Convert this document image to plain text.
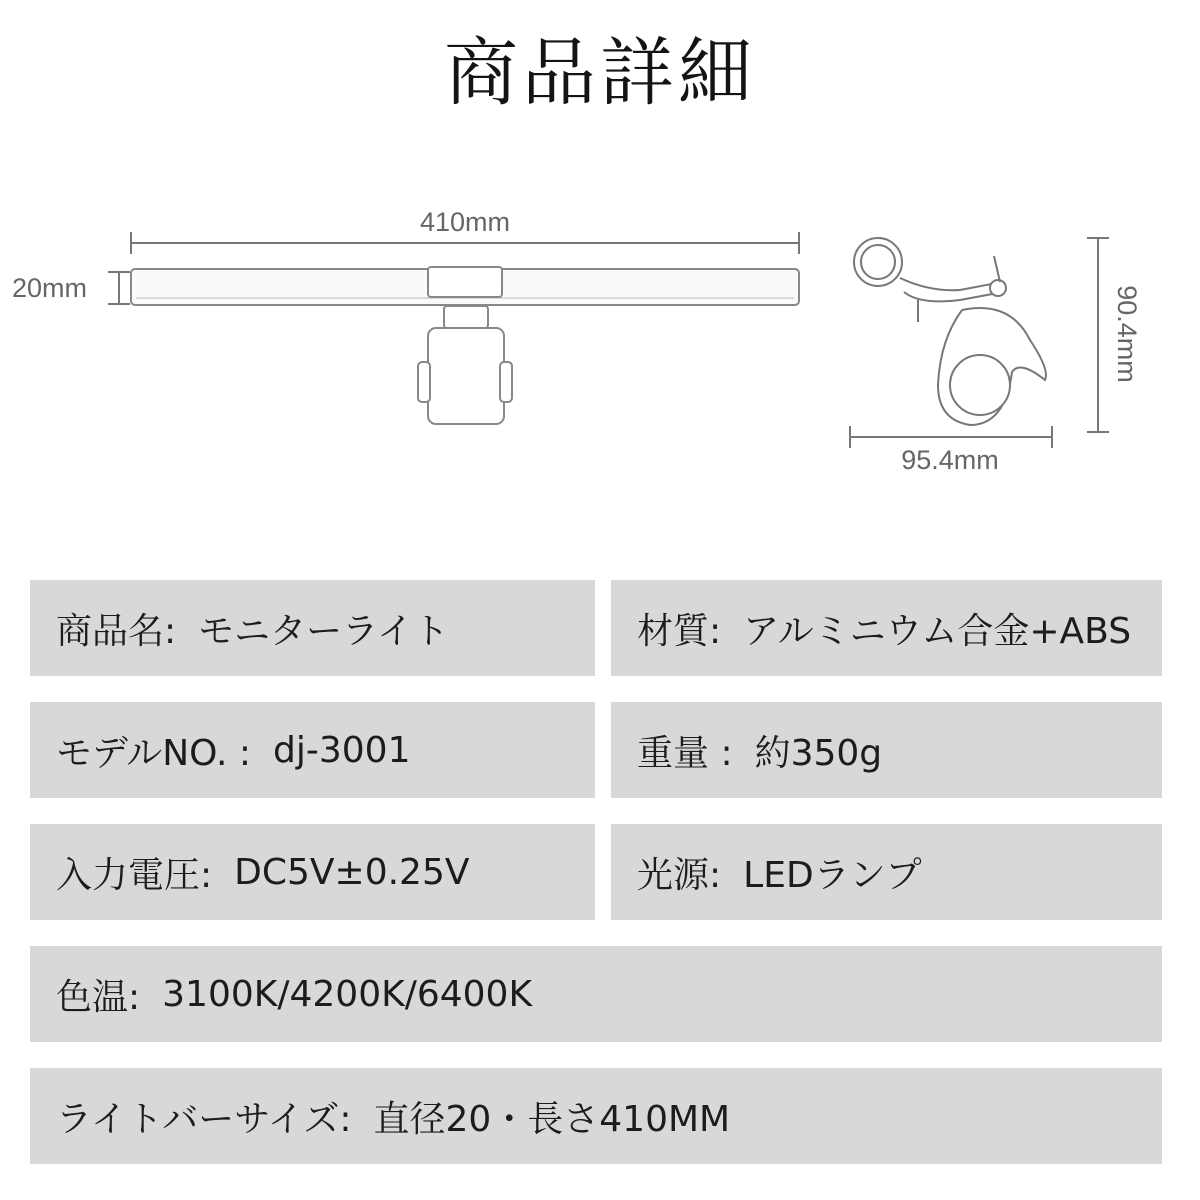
商品詳細
410mm
20mm	90.4mm
95.4mm
商品名: モニターライト	材質: アルミニウム合金+ABS
モデルNO. : dj-3001	重量 : 約350g
入力電圧: DC5V±0.25V	光源: LEDランプ
色温: 3100K/4200K/6400K
ライトバーサイズ: 直径20・長さ410MM
